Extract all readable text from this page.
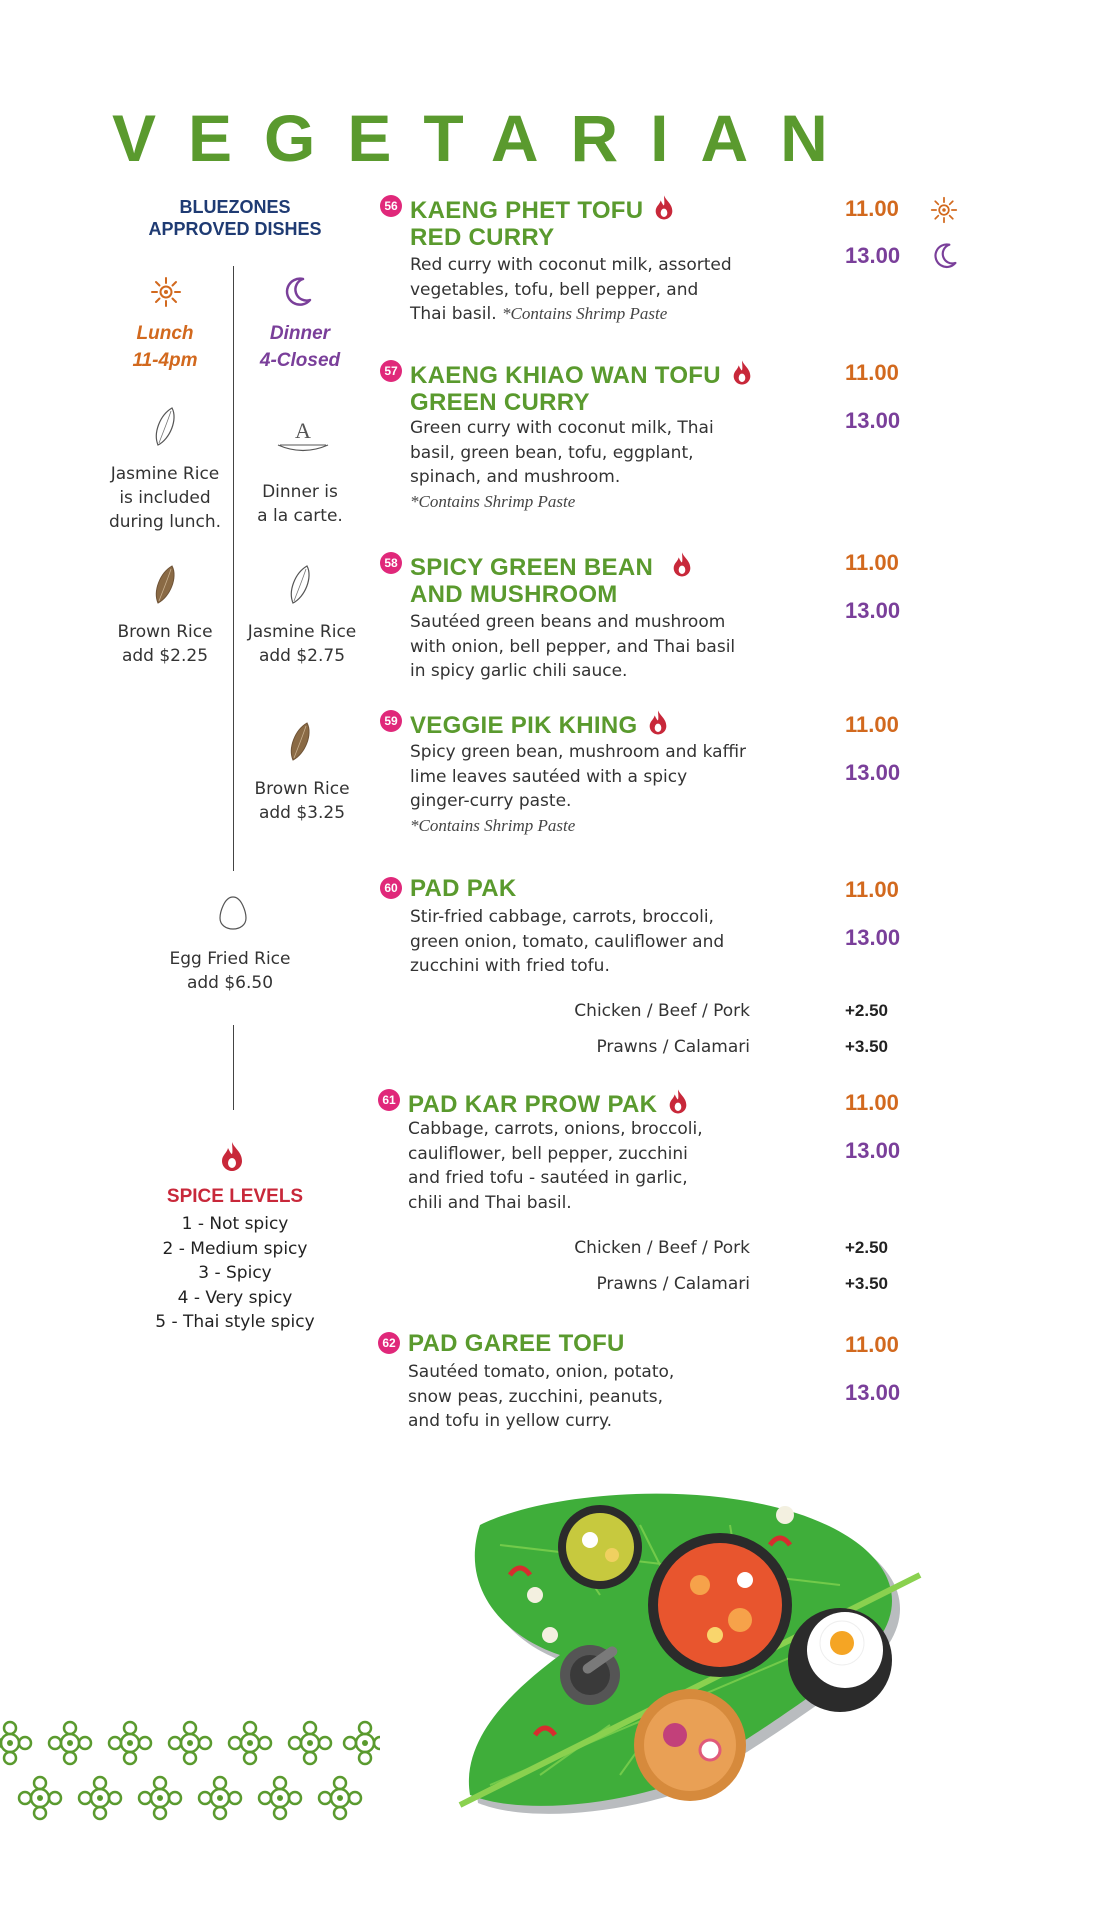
VEGETARIAN
BLUEZONES
APPROVED DISHES
Lunch
11-4pm
Dinner
4-Closed
A
Jasmine Rice
is included
during lunch.
Dinner is
a la carte.
Brown Rice
add $2.25
Jasmine Rice
add $2.75
Brown Rice
add $3.25
Egg Fried Rice
add $6.50
SPICE LEVELS
1 - Not spicy
2 - Medium spicy
3 - Spicy
4 - Very spicy
5 - Thai style spicy
56 KAENG PHET TOFU
RED CURRY
Red curry with coconut milk, assorted
vegetables, tofu, bell pepper, and
Thai basil. *Contains Shrimp Paste
11.00
13.00
57 KAENG KHIAO WAN TOFU
GREEN CURRY
Green curry with coconut milk, Thai
basil, green bean, tofu, eggplant,
spinach, and mushroom.
*Contains Shrimp Paste
11.00
13.00
58 SPICY GREEN BEAN
AND MUSHROOM
Sautéed green beans and mushroom
with onion, bell pepper, and Thai basil
in spicy garlic chili sauce.
11.00
13.00
59 VEGGIE PIK KHING
Spicy green bean, mushroom and kaffir
lime leaves sautéed with a spicy
ginger-curry paste.
*Contains Shrimp Paste
11.00
13.00
60 PAD PAK
Stir-fried cabbage, carrots, broccoli,
green onion, tomato, cauliflower and
zucchini with fried tofu.
11.00
13.00
Chicken / Beef / Pork	+2.50
Prawns / Calamari	+3.50
61 PAD KAR PROW PAK
Cabbage, carrots, onions, broccoli,
cauliflower, bell pepper, zucchini
and fried tofu - sautéed in garlic,
chili and Thai basil.
11.00
13.00
Chicken / Beef / Pork	+2.50
Prawns / Calamari	+3.50
62 PAD GAREE TOFU
Sautéed tomato, onion, potato,
snow peas, zucchini, peanuts,
and tofu in yellow curry.
11.00
13.00
